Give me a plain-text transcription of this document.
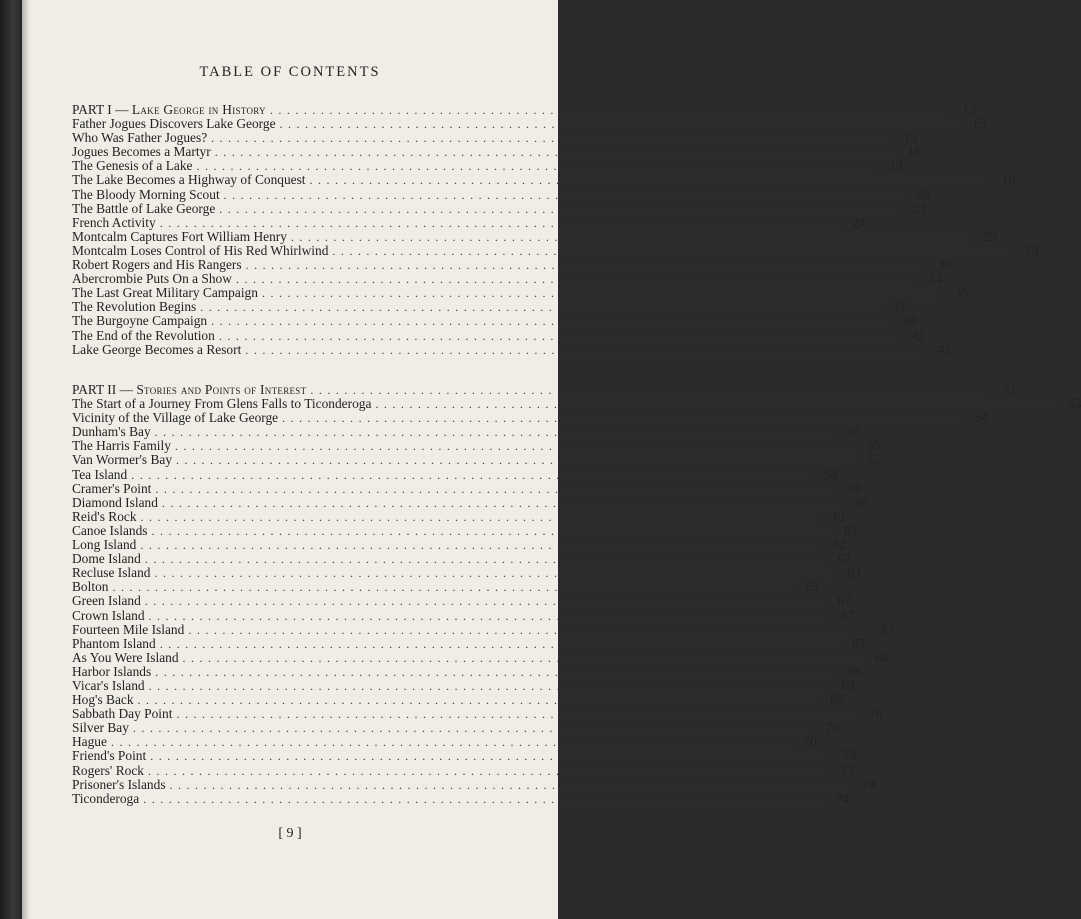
TABLE OF CONTENTS
PART I — Lake George in History ................................................................................ 13
Father Jogues Discovers Lake George ................................................................................ 15
Who Was Father Jogues? ................................................................................ 15
Jogues Becomes a Martyr ................................................................................ 16
The Genesis of a Lake ................................................................................ 19
The Lake Becomes a Highway of Conquest ................................................................................ 19
The Bloody Morning Scout ................................................................................ 20
The Battle of Lake George ................................................................................ 23
French Activity ................................................................................ 24
Montcalm Captures Fort William Henry ................................................................................ 25
Montcalm Loses Control of His Red Whirlwind ................................................................................ 29
Robert Rogers and His Rangers ................................................................................ 30
Abercrombie Puts On a Show ................................................................................ 34
The Last Great Military Campaign ................................................................................ 36
The Revolution Begins ................................................................................ 37
The Burgoyne Campaign ................................................................................ 38
The End of the Revolution ................................................................................ 42
Lake George Becomes a Resort ................................................................................ 45
PART II — Stories and Points of Interest ................................................................................ 51
The Start of a Journey From Glens Falls to Ticonderoga ................................................................................ 53
Vicinity of the Village of Lake George ................................................................................ 54
Dunham's Bay ................................................................................ 55
The Harris Family ................................................................................ 55
Van Wormer's Bay ................................................................................ 57
Tea Island ................................................................................ 58
Cramer's Point ................................................................................ 58
Diamond Island ................................................................................ 58
Reid's Rock ................................................................................ 61
Canoe Islands ................................................................................ 62
Long Island ................................................................................ 62
Dome Island ................................................................................ 62
Recluse Island ................................................................................ 63
Bolton ................................................................................ 63
Green Island ................................................................................ 67
Crown Island ................................................................................ 67
Fourteen Mile Island ................................................................................ 67
Phantom Island ................................................................................ 67
As You Were Island ................................................................................ 68
Harbor Islands ................................................................................ 68
Vicar's Island ................................................................................ 69
Hog's Back ................................................................................ 69
Sabbath Day Point ................................................................................ 70
Silver Bay ................................................................................ 70
Hague ................................................................................ 70
Friend's Point ................................................................................ 73
Rogers' Rock ................................................................................ 73
Prisoner's Islands ................................................................................ 74
Ticonderoga ................................................................................ 74
[ 9 ]
